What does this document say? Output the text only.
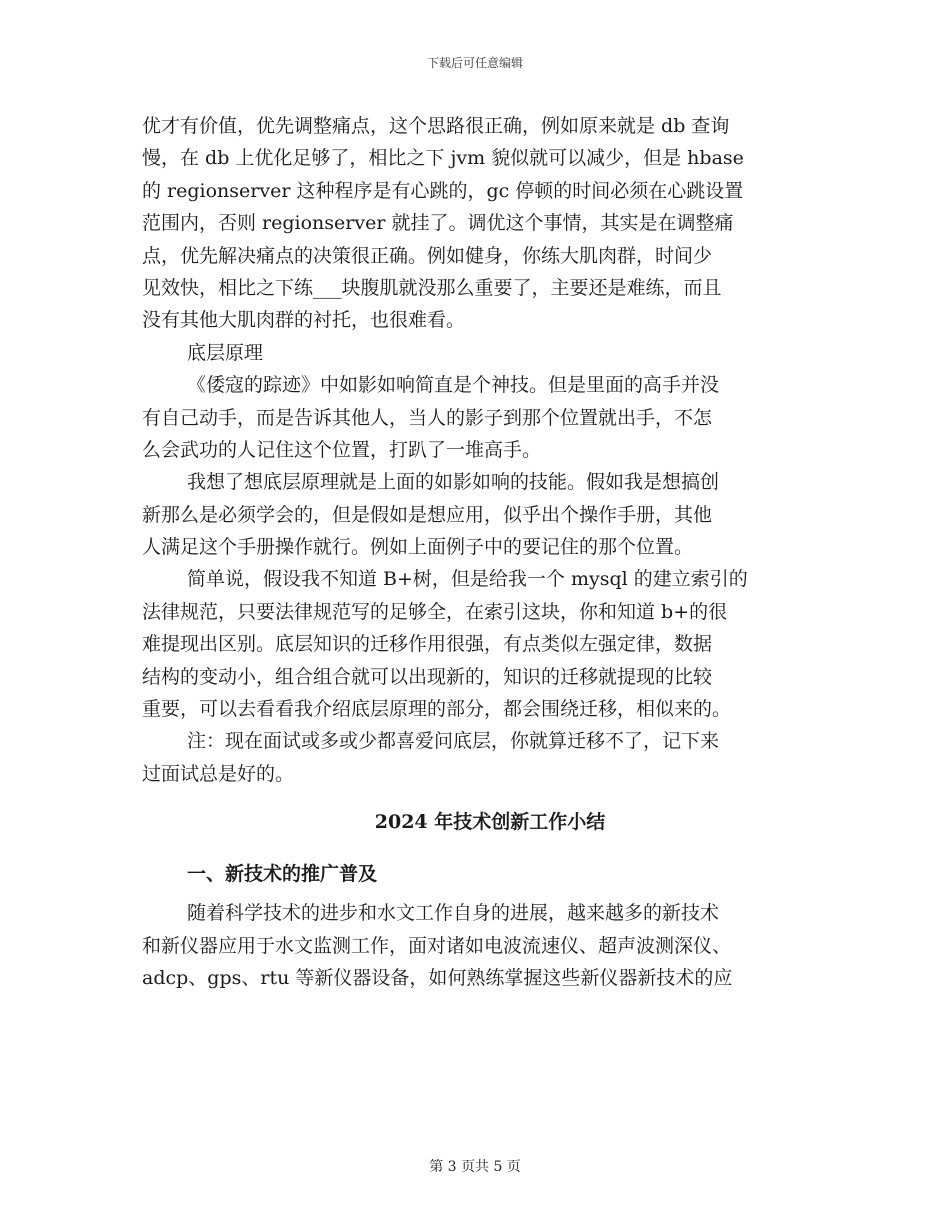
下载后可任意编辑
优才有价值，优先调整痛点，这个思路很正确，例如原来就是 db 查询
慢，在 db 上优化足够了，相比之下 jvm 貌似就可以减少，但是 hbase
的 regionserver 这种程序是有心跳的，gc 停顿的时间必须在心跳设置
范围内，否则 regionserver 就挂了。调优这个事情，其实是在调整痛
点，优先解决痛点的决策很正确。例如健身，你练大肌肉群，时间少
见效快，相比之下练___块腹肌就没那么重要了，主要还是难练，而且
没有其他大肌肉群的衬托，也很难看。
底层原理
《倭寇的踪迹》中如影如响简直是个神技。但是里面的高手并没
有自己动手，而是告诉其他人，当人的影子到那个位置就出手，不怎
么会武功的人记住这个位置，打趴了一堆高手。
我想了想底层原理就是上面的如影如响的技能。假如我是想搞创
新那么是必须学会的，但是假如是想应用，似乎出个操作手册，其他
人满足这个手册操作就行。例如上面例子中的要记住的那个位置。
简单说，假设我不知道 B+树，但是给我一个 mysql 的建立索引的
法律规范，只要法律规范写的足够全，在索引这块，你和知道 b+的很
难提现出区别。底层知识的迁移作用很强，有点类似左强定律，数据
结构的变动小，组合组合就可以出现新的，知识的迁移就提现的比较
重要，可以去看看我介绍底层原理的部分，都会围绕迁移，相似来的。
注：现在面试或多或少都喜爱问底层，你就算迁移不了，记下来
过面试总是好的。
2024 年技术创新工作小结
一、新技术的推广普及
随着科学技术的进步和水文工作自身的进展，越来越多的新技术
和新仪器应用于水文监测工作，面对诸如电波流速仪、超声波测深仪、
adcp、gps、rtu 等新仪器设备，如何熟练掌握这些新仪器新技术的应
第 3 页共 5 页
